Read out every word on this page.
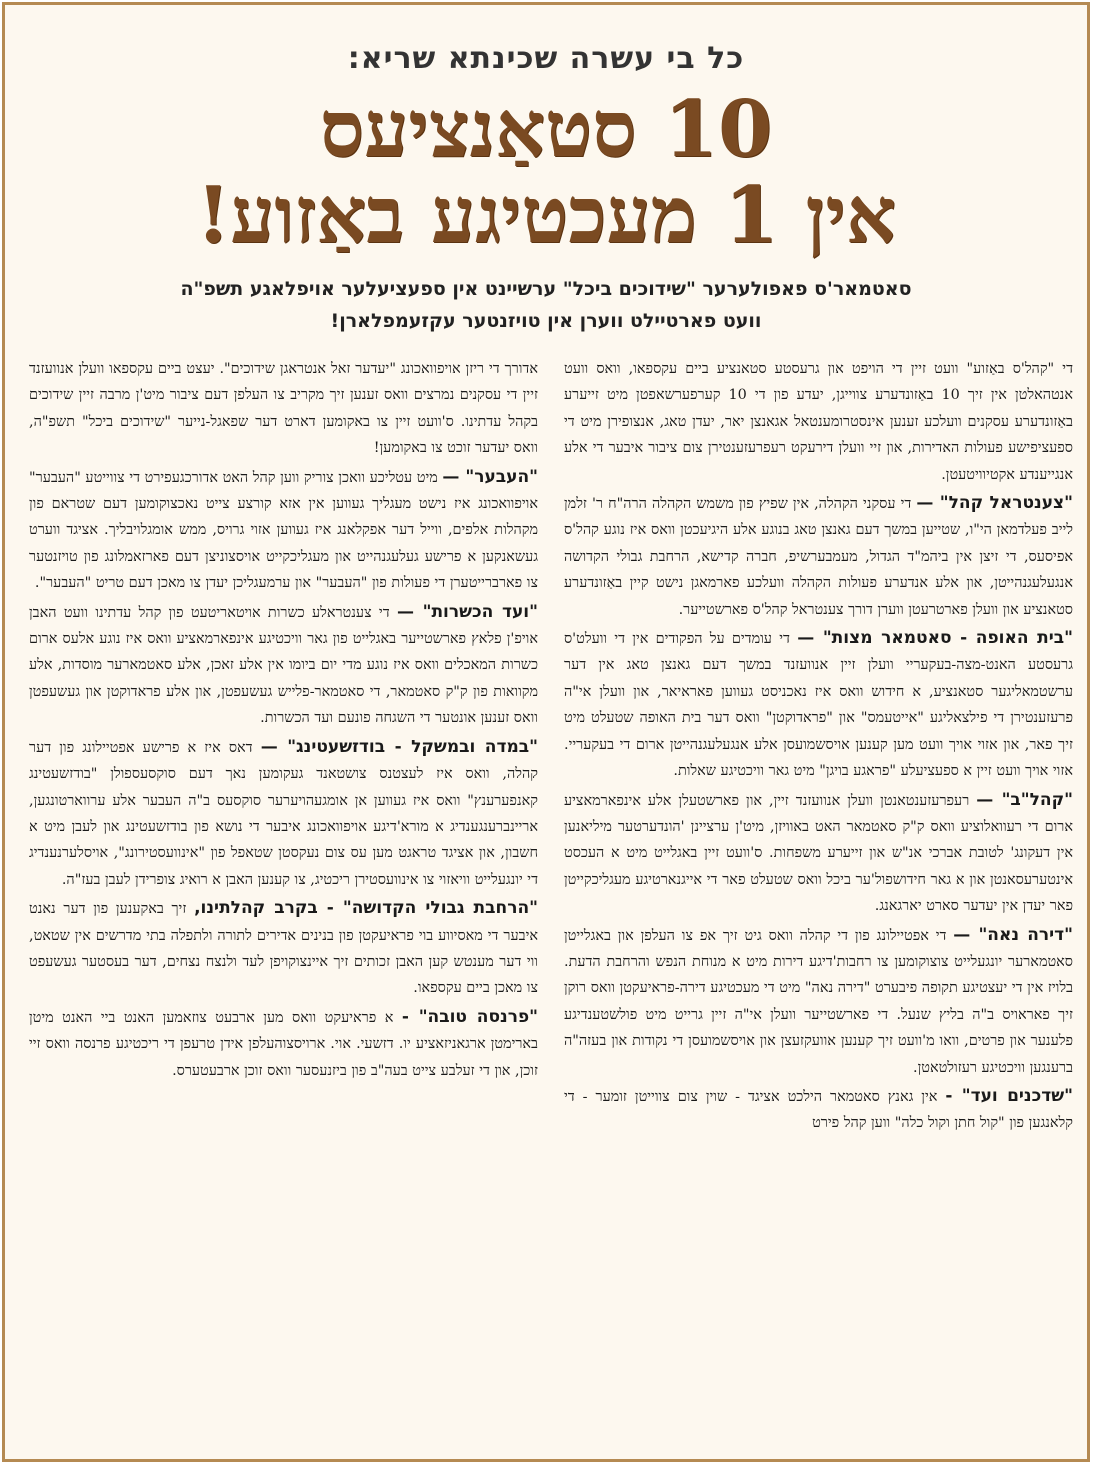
כל בי עשרה שכינתא שריא:
10 סטאַנציעס
אין 1 מעכטיגע באַזוע!
סאטמאר'ס פאפולערער "שידוכים ביכל" ערשיינט אין ספעציעלער אויפלאגע תשפ"ה
וועט פארטיילט ווערן אין טויזנטער עקזעמפלארן!

די "קהל'ס באַזוע" וועט זיין די הויפט און גרעסטע סטאנציע ביים עקספאו, וואס וועט אנטהאלטן אין זיך 10 באַזונדערע צווייגן, יעדע פון די 10 קערפערשאפטן מיט זייערע באַזונדערע עסקנים וועלכע זענען אינסטרומענטאל אגאנצן יאר, יעדן טאג, אנצופירן מיט די ספעציפישע פעולות האדירות, און זיי וועלן דירעקט רעפרעזענטירן צום ציבור איבער די אלע אנגייענדע אקטיוויטעטן.

"צענטראל קהל" — די עסקני הקהלה, אין שפיץ פון משמש הקהלה הרה"ח ר' זלמן לייב פעלדמאן הי"ו, שטייען במשך דעם גאנצן טאג בנוגע אלע היגיעכטן וואס איז נוגע קהל'ס אפיסעס, די זיצן אין ביהמ"ד הגדול, מעמבערשיפ, חברה קדישא, הרחבת גבולי הקדושה אנגעלעגנהייטן, און אלע אנדערע פעולות הקהלה וועלכע פארמאגן נישט קיין באַזונדערע סטאנציע און וועלן פארטרעטן ווערן דורך צענטראל קהל'ס פארשטייער.

"בית האופה - סאטמאר מצות" — די עומדים על הפקודים אין די וועלט'ס גרעסטע האנט-מצה-בעקעריי וועלן זיין אנוועזנד במשך דעם גאנצן טאג אין דער ערשטמאליגער סטאנציע, א חידוש וואס איז נאכניסט געווען פאראיאר, און וועלן אי"ה פרעזענטירן די פילצאליגע "אייטעמס" און "פראדוקטן" וואס דער בית האופה שטעלט מיט זיך פאר, און אזוי אויך וועט מען קענען אויסשמועסן אלע אנגעלעגנהייטן ארום די בעקעריי. אזוי אויך וועט זיין א ספעציעלע "פראגע בויגן" מיט גאר וויכטיגע שאלות.

"קהל"ב" — רעפרעזענטאנטן וועלן אנוועזנד זיין, און פארשטעלן אלע אינפארמאציע ארום די רעוואלוציע וואס ק"ק סאטמאר האט באוויזן, מיט'ן ערציינן 'הונדערטער מיליאנען אין דעקונג' לטובת אברכי אנ"ש און זייערע משפחות. ס'וועט זיין באגלייט מיט א העכסט אינטערעסאנטן און א גאר חידושפול'ער ביכל וואס שטעלט פאר די אייגנארטיגע מעגליכקייטן פאר יעדן אין יעדער סארט יארגאנג.

"דירה נאה" — די אפטיילונג פון די קהלה וואס גיט זיך אפ צו העלפן און באגלייטן סאטמארער יונגעלייט צוצוקומען צו רחבות'דיגע דירות מיט א מנוחת הנפש והרחבת הדעת. בלויז אין די יעצטיגע תקופה פיבערט "דירה נאה" מיט די מעכטיגע דירה-פראיעקטן וואס רוקן זיך פאראויס ב"ה בליץ שנעל. די פארשטייער וועלן אי"ה זיין גרייט מיט פולשטענדיגע פלענער און פרטים, וואו מ'וועט זיך קענען אוועקזעצן און אויסשמועסן די נקודות און בעזה"ה ברענגען וויכטיגע רעזולטאטן.

"שדכנים ועד" - אין גאנץ סאטמאר הילכט אציגד - שוין צום צווייטן זומער - די קלאנגען פון "קול חתן וקול כלה" ווען קהל פירט

אדורך די ריזן אויפוואכונג "יעדער זאל אנטראגן שידוכים". יעצט ביים עקספאו וועלן אנוועזנד זיין די עסקנים נמרצים וואס זענען זיך מקריב צו העלפן דעם ציבור מיט'ן מרבה זיין שידוכים בקהל עדתינו. ס'וועט זיין צו באקומען דארט דער שפאגל-נייער "שידוכים ביכל" תשפ"ה, וואס יעדער זוכט צו באקומען!

"העבער" — מיט עטליכע וואכן צוריק ווען קהל האט אדורכגעפירט די צווייטע "העבער" אויפוואכונג איז נישט מעגליך געווען אין אזא קורצע צייט נאכצוקומען דעם שטראם פון מקהלות אלפים, ווייל דער אפקלאנג איז געווען אזוי גרויס, ממש אומגלויבליך. אציגד ווערט געשאנקען א פרישע געלעגנהייט און מעגליכקייט אויסצוניצן דעם פארזאמלונג פון טויזנטער צו פארברייטערן די פעולות פון "העבער" און ערמעגליכן יעדן צו מאכן דעם טריט "העבער".

"ועד הכשרות" — די צענטראלע כשרות אויטאריטעט פון קהל עדתינו וועט האבן אויפ'ן פלאץ פארשטייער באגלייט פון גאר וויכטיגע אינפארמאציע וואס איז נוגע אלעס ארום כשרות המאכלים וואס איז נוגע מדי יום ביומו אין אלע זאכן, אלע סאטמארער מוסדות, אלע מקוואות פון ק"ק סאטמאר, די סאטמאר-פלייש געשעפטן, און אלע פראדוקטן און געשעפטן וואס זענען אונטער די השגחה פונעם ועד הכשרות.

"במדה ובמשקל - בודזשעטינג" — דאס איז א פרישע אפטיילונג פון דער קהלה, וואס איז לעצטנס צושטאנד געקומען נאך דעם סוקסעספולן "בודזשעטינג קאנפערענץ" וואס איז געווען אן אומגעהויערער סוקסעס ב"ה העבער אלע ערווארטונגען, אריינברענגענדיג א מורא'דיגע אויפוואכונג איבער די נושא פון בודזשעטינג און לעבן מיט א חשבון, און אציגד טראגט מען עס צום נעקסטן שטאפל פון "אינוועסטירונג", אויסלערנענדיג די יונגעלייט וויאזוי צו אינוועסטירן ריכטיג, צו קענען האבן א רואיג צופרידן לעבן בעז"ה.

"הרחבת גבולי הקדושה" - בקרב קהלתינו, זיך באקענען פון דער נאנט איבער די מאסיווע בוי פראיעקטן פון בנינים אדירים לתורה ולתפלה בתי מדרשים אין שטאט, ווי דער מענטש קען האבן זכותים זיך איינצוקויפן לעד ולנצח נצחים, דער בעסטער געשעפט צו מאכן ביים עקספאו.

"פרנסה טובה" - א פראיעקט וואס מען ארבעט צוזאמען האנט ביי האנט מיטן בארימטן ארגאניזאציע יו. דזשעי. אוי. ארויסצוהעלפן אידן טרעפן די ריכטיגע פרנסה וואס זיי זוכן, און די זעלבע צייט בעה"ב פון ביזנעסער וואס זוכן ארבעטערס.
